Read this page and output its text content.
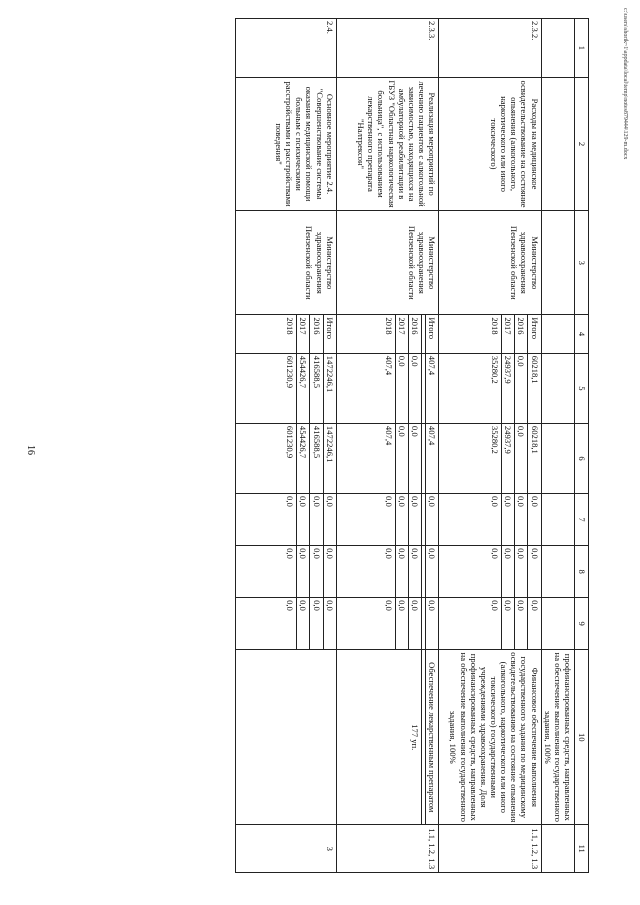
16
c:\users\shorik~1\appdata\local\temp\notes879444\129-m.docx
1	2	3	4	5	6	7	8	9	10	11
									профинансированных средств, направленных на обеспечение выполнения государственного задания, 100%	
2.3.2.	Расходы на медицинское освидетельствование на состояние опьянения (алкогольного, наркотического или иного токсического)	Министерство здравоохранения Пензенской области	Итого	60218,1	60218,1	0,0	0,0	0,0	Финансовое обеспечение выполнения государственного задания по медицинскому освидетельствованию на состояние опьянения (алкогольного, наркотического или иного токсического) государственными учреждениями здравоохранения. Доля профинансированных средств, направленных на обеспечение выполнения государственного задания, 100%	1.1, 1.2, 1.3
			2016	0,0	0,0	0,0	0,0	0,0		
			2017	24937,9	24937,9	0,0	0,0	0,0		
			2018	35280,2	35280,2	0,0	0,0	0,0		
2.3.3.	Реализация мероприятий по лечению пациентов с алкогольной зависимостью, находящихся на амбулаторной реабилитации в ГБУЗ "Областная наркологическая больница", с использованием лекарственного препарата "Налтрексон"	Министерство здравоохранения Пензенской области	Итого	407,4	407,4	0,0	0,0	0,0	Обеспечение лекарственным препаратом	1.1, 1.2, 1.3

			2016	0,0	0,0	0,0	0,0	0,0	177 уп.	
			2017	0,0	0,0	0,0	0,0	0,0		
			2018	407,4	407,4	0,0	0,0	0,0		
2.4.	Основное мероприятие 2.4. "Совершенствование системы оказания медицинской помощи больным с психическими расстройствами и расстройствами поведения"	Министерство здравоохранения Пензенской области	Итого	1472246,1	1472246,1	0,0	0,0	0,0		3
			2016	416588,5	416588,5	0,0	0,0	0,0		
			2017	454426,7	454426,7	0,0	0,0	0,0		
			2018	601230,9	601230,9	0,0	0,0	0,0		
